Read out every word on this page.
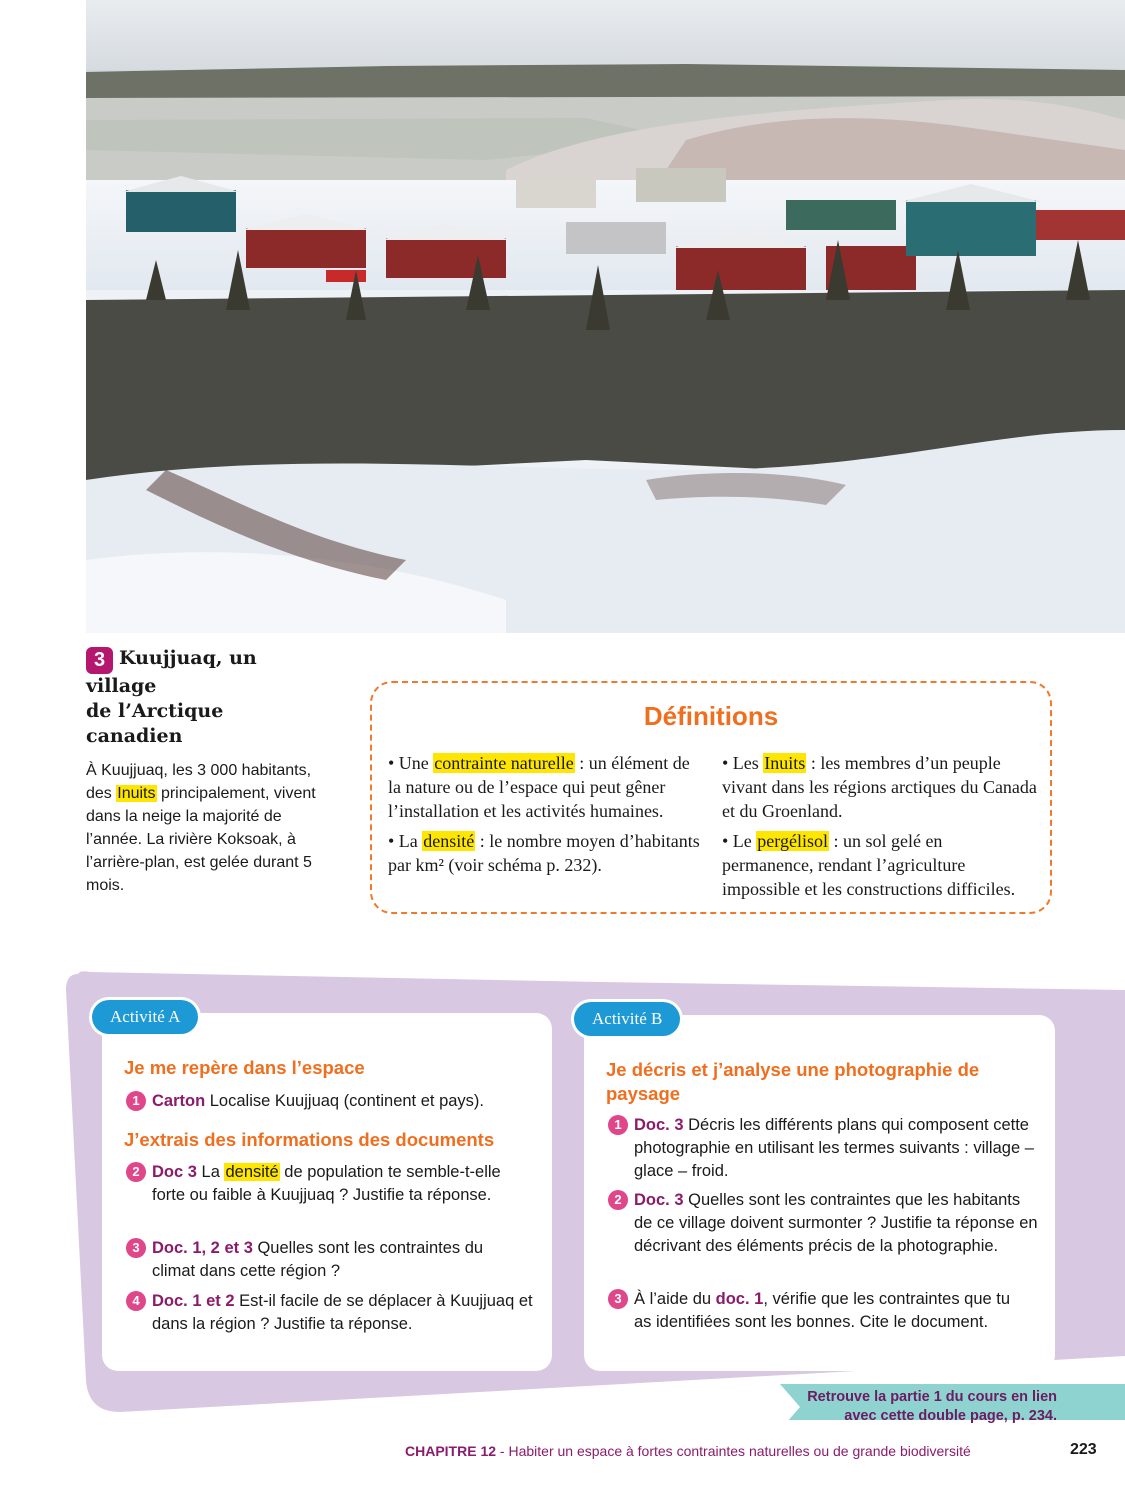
3 Kuujjuaq, un village
de l’Arctique canadien

À Kuujjuaq, les 3 000 habitants, des Inuits principalement, vivent dans la neige la majorité de l’année. La rivière Koksoak, à l’arrière-plan, est gelée durant 5 mois.
Définitions

• Une contrainte naturelle : un élément de la nature ou de l’espace qui peut gêner l’installation et les activités humaines.

• La densité : le nombre moyen d’habitants par km² (voir schéma p. 232).

• Les Inuits : les membres d’un peuple vivant dans les régions arctiques du Canada et du Groenland.

• Le pergélisol : un sol gelé en permanence, rendant l’agriculture impossible et les constructions difficiles.

Activité A
Je me repère dans l’espace
1 Carton Localise Kuujjuaq (continent et pays).
J’extrais des informations des documents
2 Doc 3 La densité de population te semble-t-elle forte ou faible à Kuujjuaq ? Justifie ta réponse.
3 Doc. 1, 2 et 3 Quelles sont les contraintes du climat dans cette région ?
4 Doc. 1 et 2 Est-il facile de se déplacer à Kuujjuaq et dans la région ? Justifie ta réponse.
Activité B
Je décris et j’analyse une photographie de paysage
1 Doc. 3 Décris les différents plans qui composent cette photographie en utilisant les termes suivants : village – glace – froid.
2 Doc. 3 Quelles sont les contraintes que les habitants de ce village doivent surmonter ? Justifie ta réponse en décrivant des éléments précis de la photographie.
3 À l’aide du doc. 1, vérifie que les contraintes que tu as identifiées sont les bonnes. Cite le document.
Retrouve la partie 1 du cours en lien avec cette double page, p. 234.
CHAPITRE 12 - Habiter un espace à fortes contraintes naturelles ou de grande biodiversité	223
